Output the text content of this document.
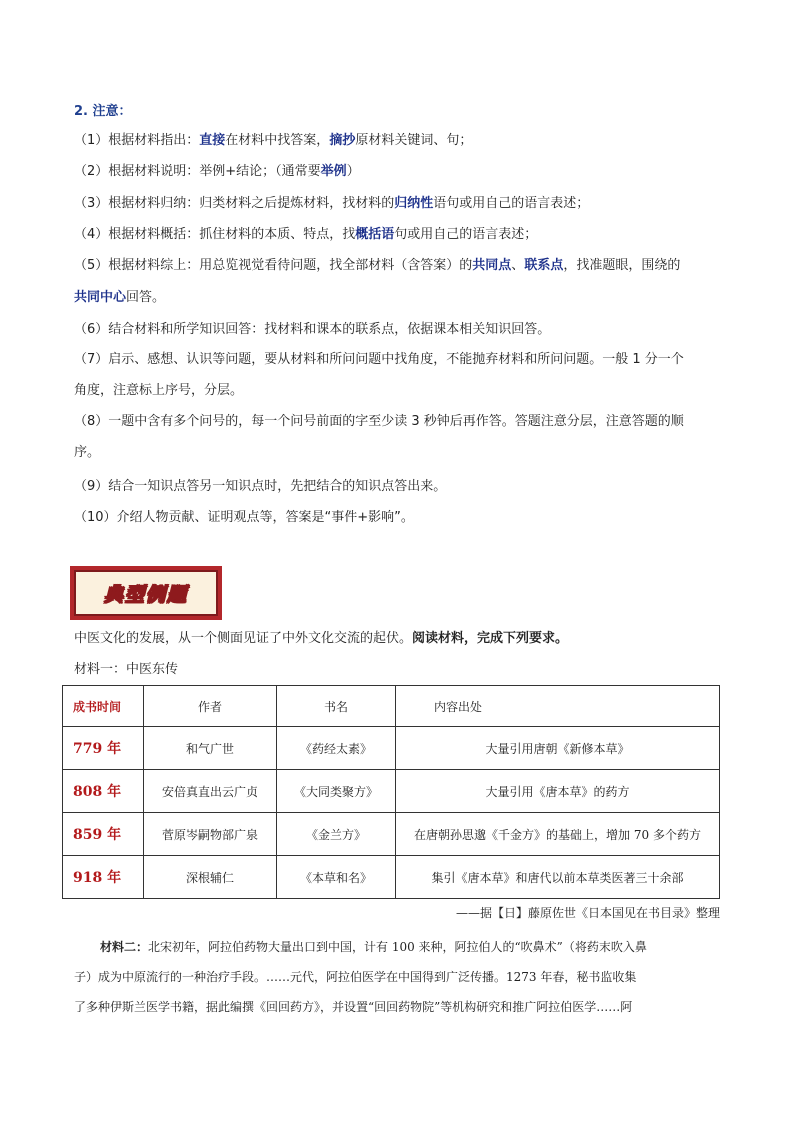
2. 注意：
（1）根据材料指出：直接在材料中找答案，摘抄原材料关键词、句；
（2）根据材料说明：举例+结论；（通常要举例）
（3）根据材料归纳：归类材料之后提炼材料，找材料的归纳性语句或用自己的语言表述；
（4）根据材料概括：抓住材料的本质、特点，找概括语句或用自己的语言表述；
（5）根据材料综上：用总览视觉看待问题，找全部材料（含答案）的共同点、联系点，找准题眼，围绕的
共同中心回答。
（6）结合材料和所学知识回答：找材料和课本的联系点，依据课本相关知识回答。
（7）启示、感想、认识等问题，要从材料和所问问题中找角度，不能抛弃材料和所问问题。一般 1 分一个
角度，注意标上序号，分层。
（8）一题中含有多个问号的，每一个问号前面的字至少读 3 秒钟后再作答。答题注意分层，注意答题的顺
序。
（9）结合一知识点答另一知识点时，先把结合的知识点答出来。
（10）介绍人物贡献、证明观点等，答案是“事件+影响”。
典型例题
中医文化的发展，从一个侧面见证了中外文化交流的起伏。阅读材料，完成下列要求。
材料一：中医东传
成书时间	作者	书名	内容出处
779 年	和气广世	《药经太素》	大量引用唐朝《新修本草》
808 年	安倍真直出云广贞	《大同类聚方》	大量引用《唐本草》的药方
859 年	菅原岑嗣物部广泉	《金兰方》	在唐朝孙思邈《千金方》的基础上，增加 70 多个药方
918 年	深根辅仁	《本草和名》	集引《唐本草》和唐代以前本草类医著三十余部
——据【日】藤原佐世《日本国见在书目录》整理
材料二：北宋初年，阿拉伯药物大量出口到中国，计有 100 来种，阿拉伯人的“吹鼻术”（将药末吹入鼻
子）成为中原流行的一种治疗手段。……元代，阿拉伯医学在中国得到广泛传播。1273 年春，秘书监收集
了多种伊斯兰医学书籍，据此编撰《回回药方》，并设置“回回药物院”等机构研究和推广阿拉伯医学……阿
